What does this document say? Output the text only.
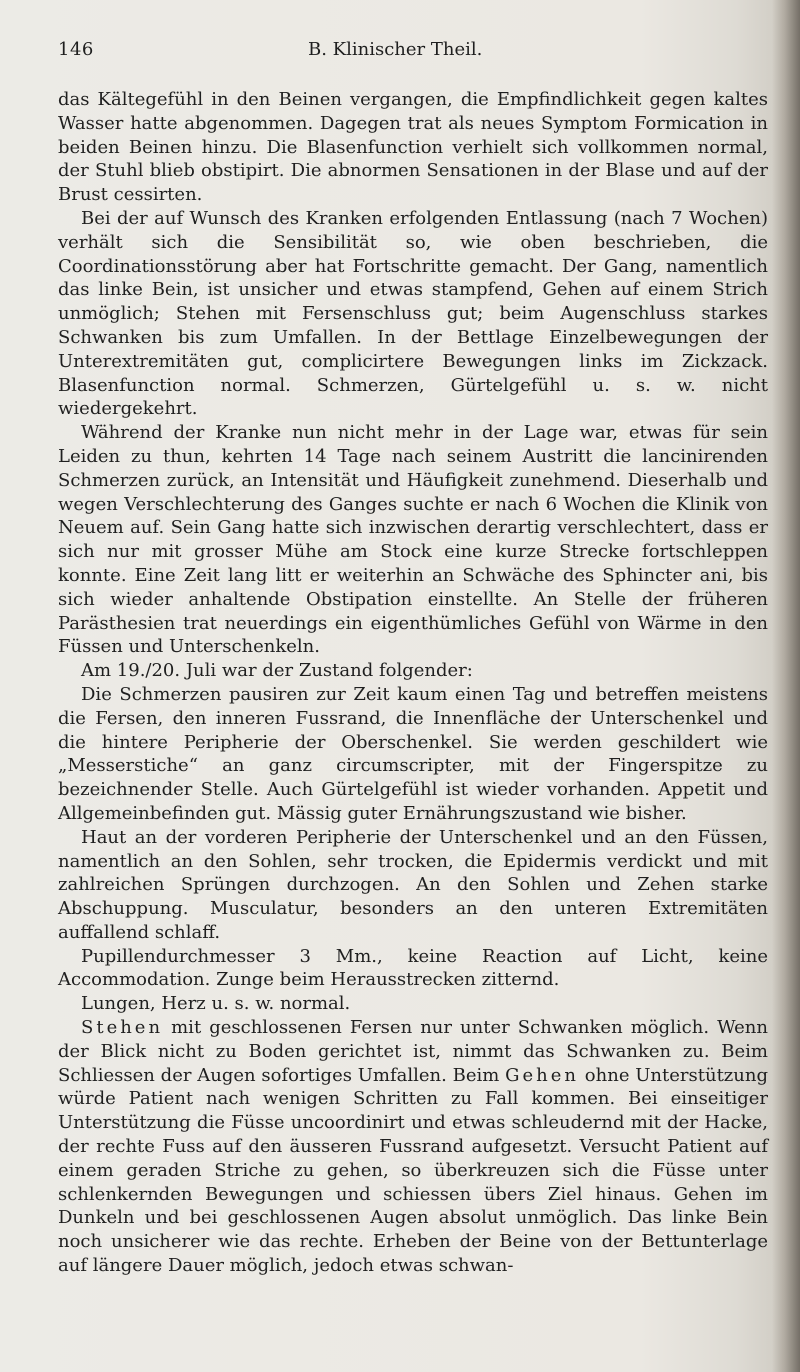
146	B. Klinischer Theil.

das Kältegefühl in den Beinen vergangen, die Empfindlichkeit gegen kaltes Wasser hatte abgenommen. Dagegen trat als neues Symptom Formication in beiden Beinen hinzu. Die Blasenfunction verhielt sich vollkommen normal, der Stuhl blieb obstipirt. Die abnormen Sensationen in der Blase und auf der Brust cessirten.

Bei der auf Wunsch des Kranken erfolgenden Entlassung (nach 7 Wochen) verhält sich die Sensibilität so, wie oben beschrieben, die Coordinationsstörung aber hat Fortschritte gemacht. Der Gang, namentlich das linke Bein, ist unsicher und etwas stampfend, Gehen auf einem Strich unmöglich; Stehen mit Fersenschluss gut; beim Augenschluss starkes Schwanken bis zum Umfallen. In der Bettlage Einzelbewegungen der Unterextremitäten gut, complicirtere Bewegungen links im Zickzack. Blasenfunction normal. Schmerzen, Gürtelgefühl u. s. w. nicht wiedergekehrt.

Während der Kranke nun nicht mehr in der Lage war, etwas für sein Leiden zu thun, kehrten 14 Tage nach seinem Austritt die lancinirenden Schmerzen zurück, an Intensität und Häufigkeit zunehmend. Dieserhalb und wegen Verschlechterung des Ganges suchte er nach 6 Wochen die Klinik von Neuem auf. Sein Gang hatte sich inzwischen derartig verschlechtert, dass er sich nur mit grosser Mühe am Stock eine kurze Strecke fortschleppen konnte. Eine Zeit lang litt er weiterhin an Schwäche des Sphincter ani, bis sich wieder anhaltende Obstipation einstellte. An Stelle der früheren Parästhesien trat neuerdings ein eigenthümliches Gefühl von Wärme in den Füssen und Unterschenkeln.

Am 19./20. Juli war der Zustand folgender:

Die Schmerzen pausiren zur Zeit kaum einen Tag und betreffen meistens die Fersen, den inneren Fussrand, die Innenfläche der Unterschenkel und die hintere Peripherie der Oberschenkel. Sie werden geschildert wie „Messerstiche“ an ganz circumscripter, mit der Fingerspitze zu bezeichnender Stelle. Auch Gürtelgefühl ist wieder vorhanden. Appetit und Allgemeinbefinden gut. Mässig guter Ernährungszustand wie bisher.

Haut an der vorderen Peripherie der Unterschenkel und an den Füssen, namentlich an den Sohlen, sehr trocken, die Epidermis verdickt und mit zahlreichen Sprüngen durchzogen. An den Sohlen und Zehen starke Abschuppung. Musculatur, besonders an den unteren Extremitäten auffallend schlaff.

Pupillendurchmesser 3 Mm., keine Reaction auf Licht, keine Accommodation. Zunge beim Herausstrecken zitternd.

Lungen, Herz u. s. w. normal.

Stehen mit geschlossenen Fersen nur unter Schwanken möglich. Wenn der Blick nicht zu Boden gerichtet ist, nimmt das Schwanken zu. Beim Schliessen der Augen sofortiges Umfallen. Beim Gehen ohne Unterstützung würde Patient nach wenigen Schritten zu Fall kommen. Bei einseitiger Unterstützung die Füsse uncoordinirt und etwas schleudernd mit der Hacke, der rechte Fuss auf den äusseren Fussrand aufgesetzt. Versucht Patient auf einem geraden Striche zu gehen, so überkreuzen sich die Füsse unter schlenkernden Bewegungen und schiessen übers Ziel hinaus. Gehen im Dunkeln und bei geschlossenen Augen absolut unmöglich. Das linke Bein noch unsicherer wie das rechte. Erheben der Beine von der Bettunterlage auf längere Dauer möglich, jedoch etwas schwan-
